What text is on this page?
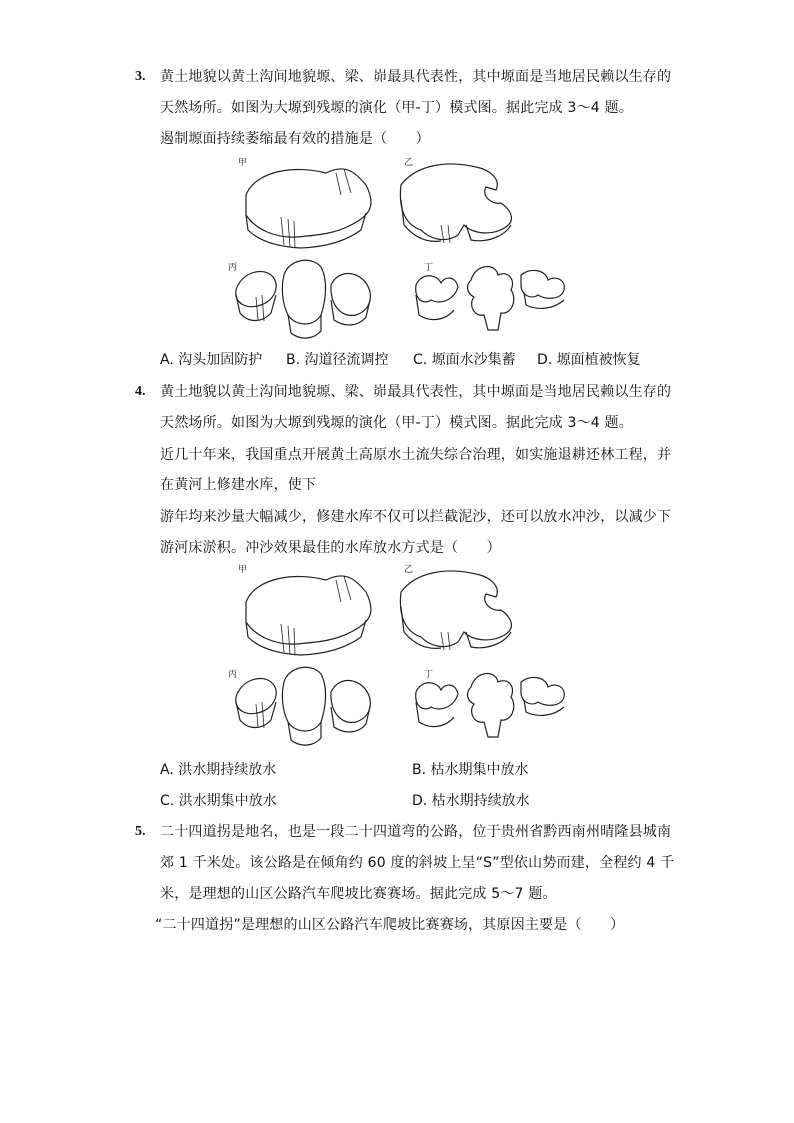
3. 黄土地貌以黄土沟间地貌塬、梁、峁最具代表性，其中塬面是当地居民赖以生存的
天然场所。如图为大塬到残塬的演化（甲-丁）模式图。据此完成 3～4 题。
遏制塬面持续萎缩最有效的措施是（　　）
甲	乙
丙	丁
A. 沟头加固防护 B. 沟道径流调控 C. 塬面水沙集蓄 D. 塬面植被恢复
4. 黄土地貌以黄土沟间地貌塬、梁、峁最具代表性，其中塬面是当地居民赖以生存的
天然场所。如图为大塬到残塬的演化（甲-丁）模式图。据此完成 3～4 题。
近几十年来，我国重点开展黄土高原水土流失综合治理，如实施退耕还林工程，并
在黄河上修建水库，使下
游年均来沙量大幅减少，修建水库不仅可以拦截泥沙，还可以放水冲沙，以减少下
游河床淤积。冲沙效果最佳的水库放水方式是（　　）
甲	乙
丙	丁
A. 洪水期持续放水	B. 枯水期集中放水
C. 洪水期集中放水	D. 枯水期持续放水
5. 二十四道拐是地名，也是一段二十四道弯的公路，位于贵州省黔西南州晴隆县城南
郊 1 千米处。该公路是在倾角约 60 度的斜坡上呈“S”型依山势而建，全程约 4 千
米，是理想的山区公路汽车爬坡比赛赛场。据此完成 5～7 题。
“二十四道拐”是理想的山区公路汽车爬坡比赛赛场，其原因主要是（　　）
